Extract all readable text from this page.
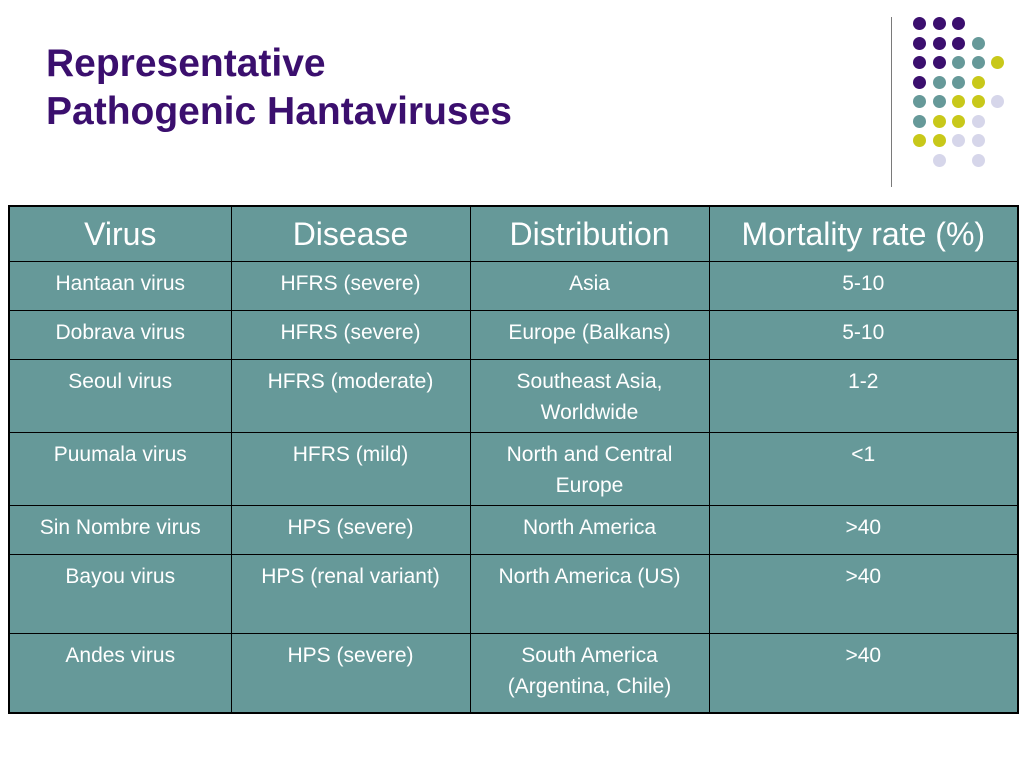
Representative
Pathogenic Hantaviruses
Virus	Disease	Distribution	Mortality rate (%)
Hantaan virus	HFRS (severe)	Asia	5-10
Dobrava virus	HFRS (severe)	Europe (Balkans)	5-10
Seoul virus	HFRS (moderate)	Southeast Asia, Worldwide	1-2
Puumala virus	HFRS (mild)	North and Central Europe	<1
Sin Nombre virus	HPS (severe)	North America	>40
Bayou virus	HPS (renal variant)	North America (US)	>40
Andes virus	HPS (severe)	South America (Argentina, Chile)	>40
